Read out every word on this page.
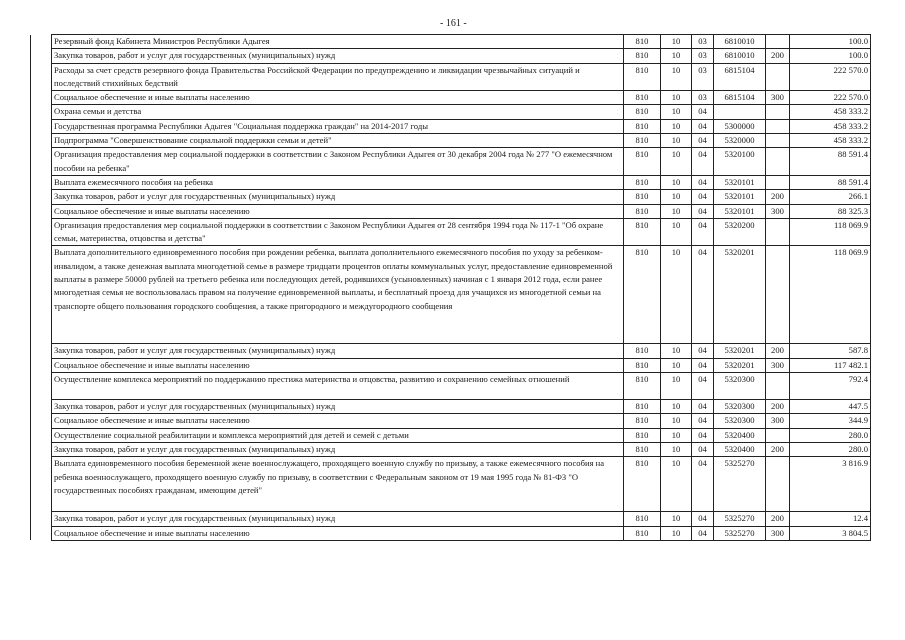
- 161 -
	Резервный фонд Кабинета Министров Республики Адыгея	810	10	03	6810010		100.0
	Закупка товаров, работ и услуг для государственных (муниципальных) нужд	810	10	03	6810010	200	100.0
	Расходы за счет средств резервного фонда Правительства Российской Федерации по предупреждению и ликвидации чрезвычайных ситуаций и последствий стихийных бедствий	810	10	03	6815104		222 570.0
	Социальное обеспечение и иные выплаты населению	810	10	03	6815104	300	222 570.0
	Охрана семьи и детства	810	10	04			458 333.2
	Государственная программа Республики Адыгея "Социальная поддержка граждан" на 2014-2017 годы	810	10	04	5300000		458 333.2
	Подпрограмма "Совершенствование социальной поддержки семьи и детей"	810	10	04	5320000		458 333.2
	Организация предоставления мер социальной поддержки в соответствии с Законом Республики Адыгея от 30 декабря 2004 года № 277 "О ежемесячном пособии на ребенка"	810	10	04	5320100		88 591.4
	Выплата ежемесячного пособия на ребенка	810	10	04	5320101		88 591.4
	Закупка товаров, работ и услуг для государственных (муниципальных) нужд	810	10	04	5320101	200	266.1
	Социальное обеспечение и иные выплаты населению	810	10	04	5320101	300	88 325.3
	Организация предоставления мер социальной поддержки в соответствии с Законом Республики Адыгея от 28 сентября 1994 года № 117-1 "Об охране семьи, материнства, отцовства и детства"	810	10	04	5320200		118 069.9
	Выплата дополнительного единовременного пособия при рождении ребенка, выплата дополнительного ежемесячного пособия по уходу за ребенком-инвалидом, а также денежная выплата многодетной семье в размере тридцати процентов оплаты коммунальных услуг, предоставление единовременной выплаты в размере 50000 рублей на третьего ребенка или последующих детей, родившихся (усыновленных) начиная с 1 января 2012 года, если ранее многодетная семья не воспользовалась правом на получение единовременной выплаты, и бесплатный проезд для учащихся из многодетной семьи на транспорте общего пользования городского сообщения, а также пригородного и междугородного сообщения	810	10	04	5320201		118 069.9
	Закупка товаров, работ и услуг для государственных (муниципальных) нужд	810	10	04	5320201	200	587.8
	Социальное обеспечение и иные выплаты населению	810	10	04	5320201	300	117 482.1
	Осуществление комплекса мероприятий по поддержанию престижа материнства и отцовства, развитию и сохранению семейных отношений	810	10	04	5320300		792.4
	Закупка товаров, работ и услуг для государственных (муниципальных) нужд	810	10	04	5320300	200	447.5
	Социальное обеспечение и иные выплаты населению	810	10	04	5320300	300	344.9
	Осуществление социальной реабилитации и комплекса мероприятий для детей и семей с детьми	810	10	04	5320400		280.0
	Закупка товаров, работ и услуг для государственных (муниципальных) нужд	810	10	04	5320400	200	280.0
	Выплата единовременного пособия беременной жене военнослужащего, проходящего военную службу по призыву, а также ежемесячного пособия на ребенка военнослужащего, проходящего военную службу по призыву, в соответствии с Федеральным законом от 19 мая 1995 года № 81-ФЗ "О государственных пособиях гражданам, имеющим детей"	810	10	04	5325270		3 816.9
	Закупка товаров, работ и услуг для государственных (муниципальных) нужд	810	10	04	5325270	200	12.4
	Социальное обеспечение и иные выплаты населению	810	10	04	5325270	300	3 804.5
